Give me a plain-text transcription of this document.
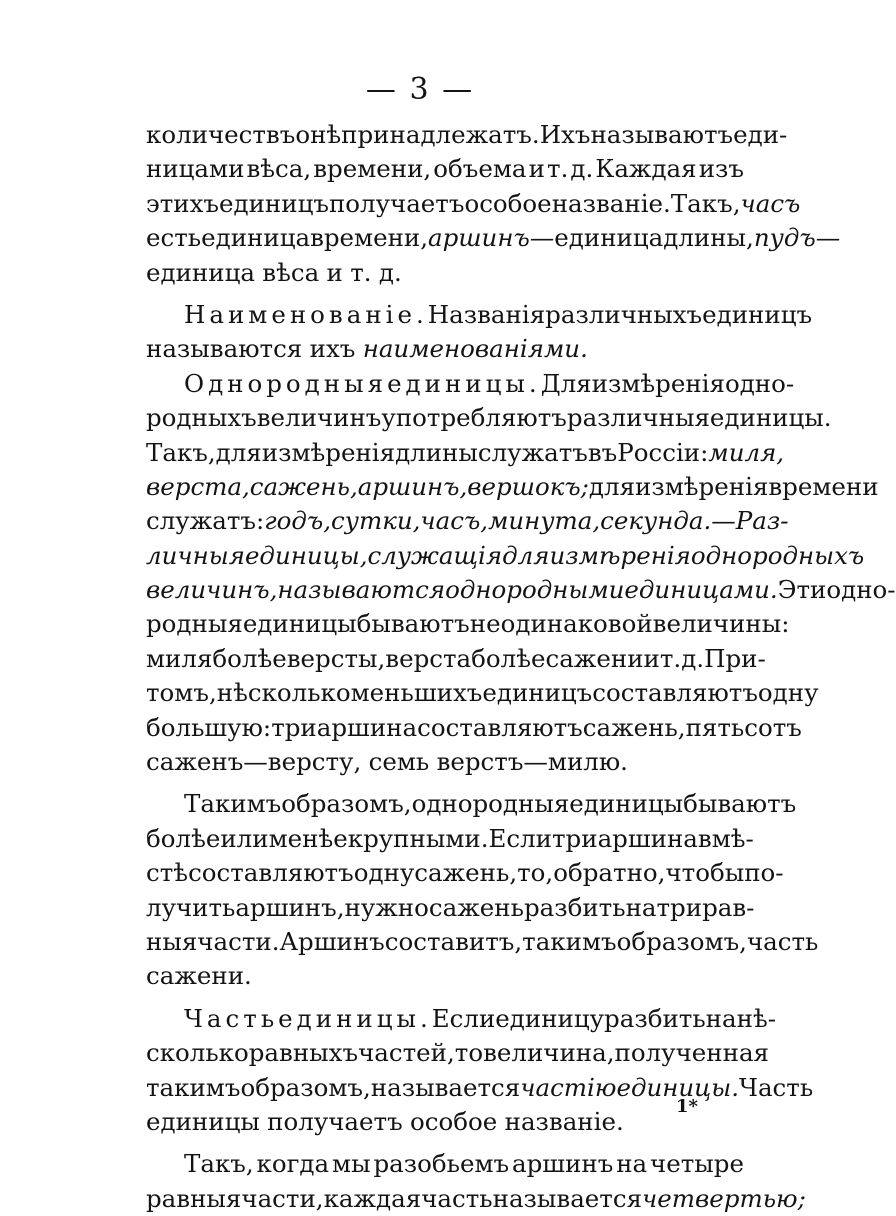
— 3 —
количествъ онѣ принадлежатъ. Ихъ называютъ еди-
ницами вѣса, времени, объема и т. д. Каждая изъ
этихъ единицъ получаетъ особое названіе. Такъ, часъ
есть единица времени, аршинъ— единица длины, пудъ—
единица вѣса и т. д.
Наименованіе. Названія различныхъ единицъ
называются ихъ наименованіями.
Однородныя единицы. Для измѣренія одно-
родныхъ величинъ употребляютъ различныя единицы.
Такъ, для измѣренія длины служатъ въ Россіи: миля,
верста, сажень, аршинъ, вершокъ; для измѣренія времени
служатъ: годъ, сутки, часъ, минута, секунда. — Раз-
личныя единицы, служащія для измѣренія однородныхъ
величинъ, называются однородными единицами. Эти одно-
родныя единицы бываютъ не одинаковой величины:
миля болѣе версты, верста болѣе сажени и т. д. При-
томъ, нѣсколько меньшихъ единицъ составляютъ одну
большую: три аршина составляютъ сажень, пятьсотъ
саженъ—версту, семь верстъ—милю.
Такимъ образомъ, однородныя единицы бываютъ
болѣе или менѣе крупными. Если три аршина вмѣ-
стѣ составляютъ одну сажень, то, обратно, чтобы по-
лучить аршинъ, нужно сажень разбить на три рав-
ныя части. Аршинъ составитъ, такимъ образомъ, часть
сажени.
Часть единицы. Если единицу разбить на нѣ-
сколько равныхъ частей, то величина, полученная
такимъ образомъ, называется частію единицы. Часть
единицы получаетъ особое названіе.
Такъ, когда мы разобьемъ аршинъ на четыре
равныя части, каждая часть называется четвертью;
1*
